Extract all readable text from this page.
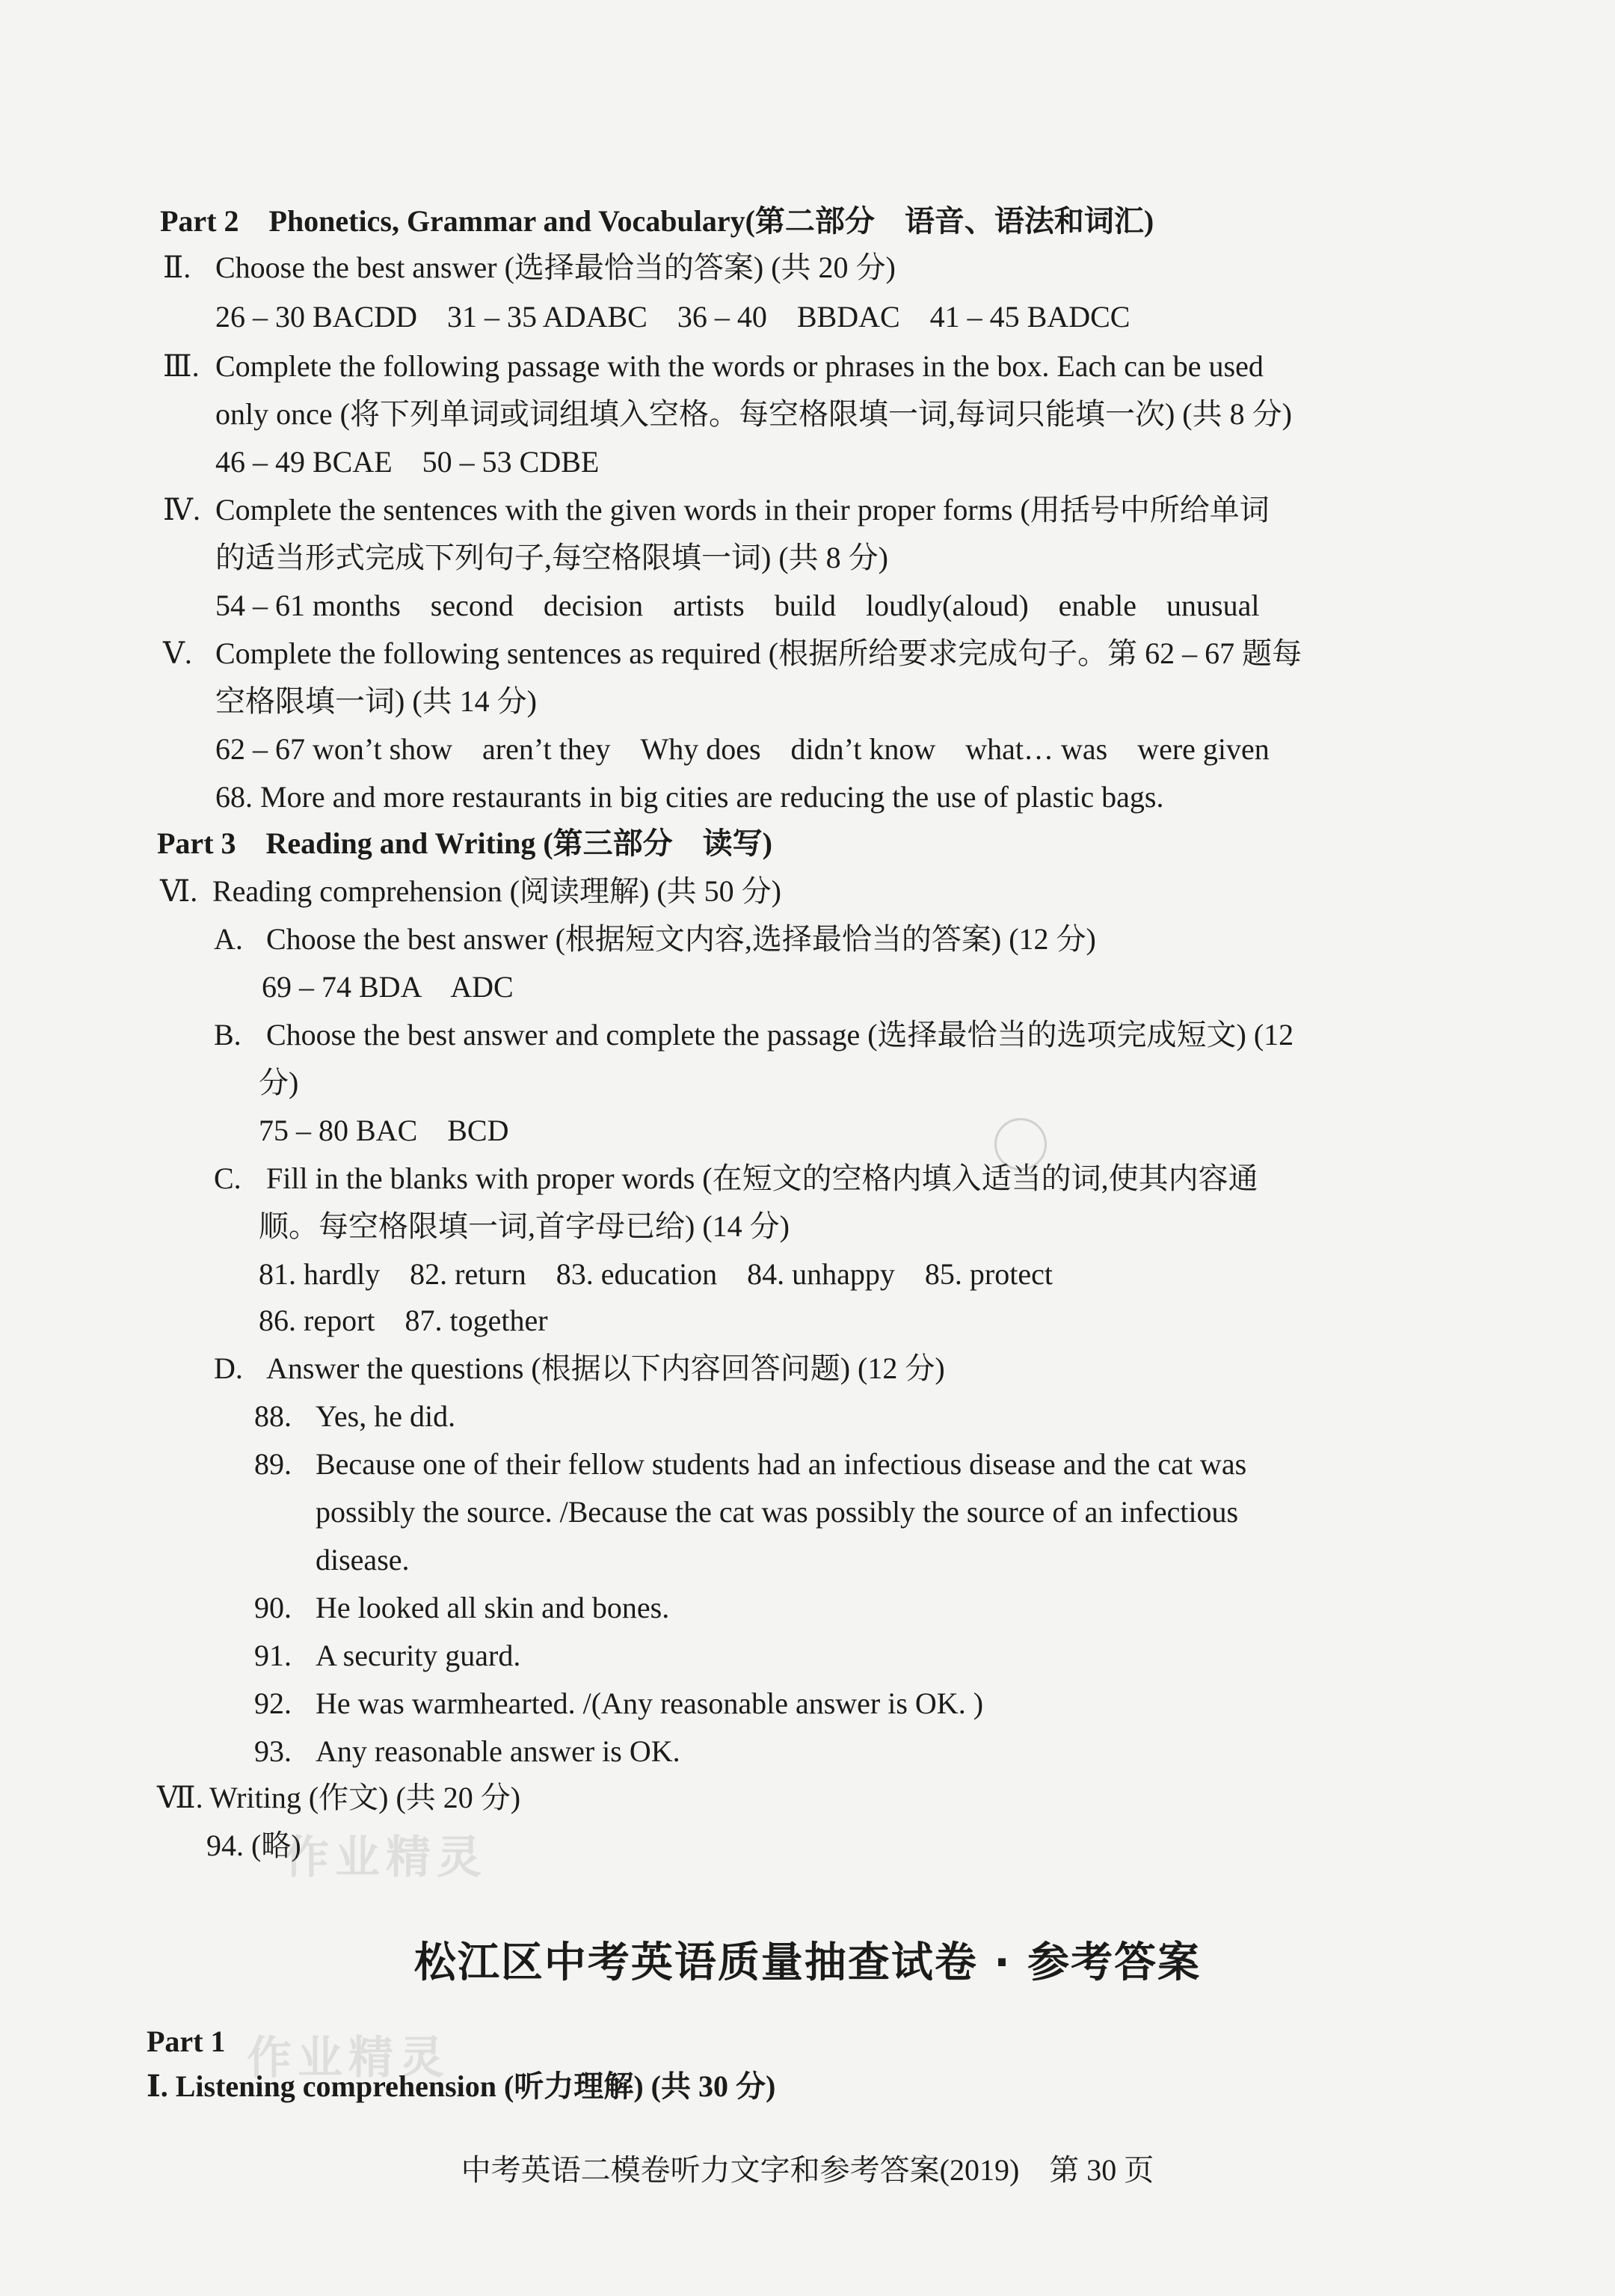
Part 2　Phonetics, Grammar and Vocabulary(第二部分　语音、语法和词汇)
Ⅱ. Choose the best answer (选择最恰当的答案) (共 20 分)
26 – 30 BACDD　31 – 35 ADABC　36 – 40　BBDAC　41 – 45 BADCC
Ⅲ. Complete the following passage with the words or phrases in the box. Each can be used
only once (将下列单词或词组填入空格。每空格限填一词,每词只能填一次) (共 8 分)
46 – 49 BCAE　50 – 53 CDBE
Ⅳ. Complete the sentences with the given words in their proper forms (用括号中所给单词
的适当形式完成下列句子,每空格限填一词) (共 8 分)
54 – 61 months　second　decision　artists　build　loudly(aloud)　enable　unusual
Ⅴ. Complete the following sentences as required (根据所给要求完成句子。第 62 – 67 题每
空格限填一词) (共 14 分)
62 – 67 won’t show　aren’t they　Why does　didn’t know　what… was　were given
68. More and more restaurants in big cities are reducing the use of plastic bags.
Part 3　Reading and Writing (第三部分　读写)
Ⅵ. Reading comprehension (阅读理解) (共 50 分)
A. Choose the best answer (根据短文内容,选择最恰当的答案) (12 分)
69 – 74 BDA　ADC
B. Choose the best answer and complete the passage (选择最恰当的选项完成短文) (12
分)
75 – 80 BAC　BCD
C. Fill in the blanks with proper words (在短文的空格内填入适当的词,使其内容通
顺。每空格限填一词,首字母已给) (14 分)
81. hardly　82. return　83. education　84. unhappy　85. protect
86. report　87. together
D. Answer the questions (根据以下内容回答问题) (12 分)
88. Yes, he did.
89. Because one of their fellow students had an infectious disease and the cat was
possibly the source. /Because the cat was possibly the source of an infectious
disease.
90. He looked all skin and bones.
91. A security guard.
92. He was warmhearted. /(Any reasonable answer is OK. )
93. Any reasonable answer is OK.
Ⅶ. Writing (作文) (共 20 分)
94. (略)
作业精灵
松江区中考英语质量抽查试卷 · 参考答案
Part 1 作业精灵
Ⅰ. Listening comprehension (听力理解) (共 30 分)
中考英语二模卷听力文字和参考答案(2019)　第 30 页
